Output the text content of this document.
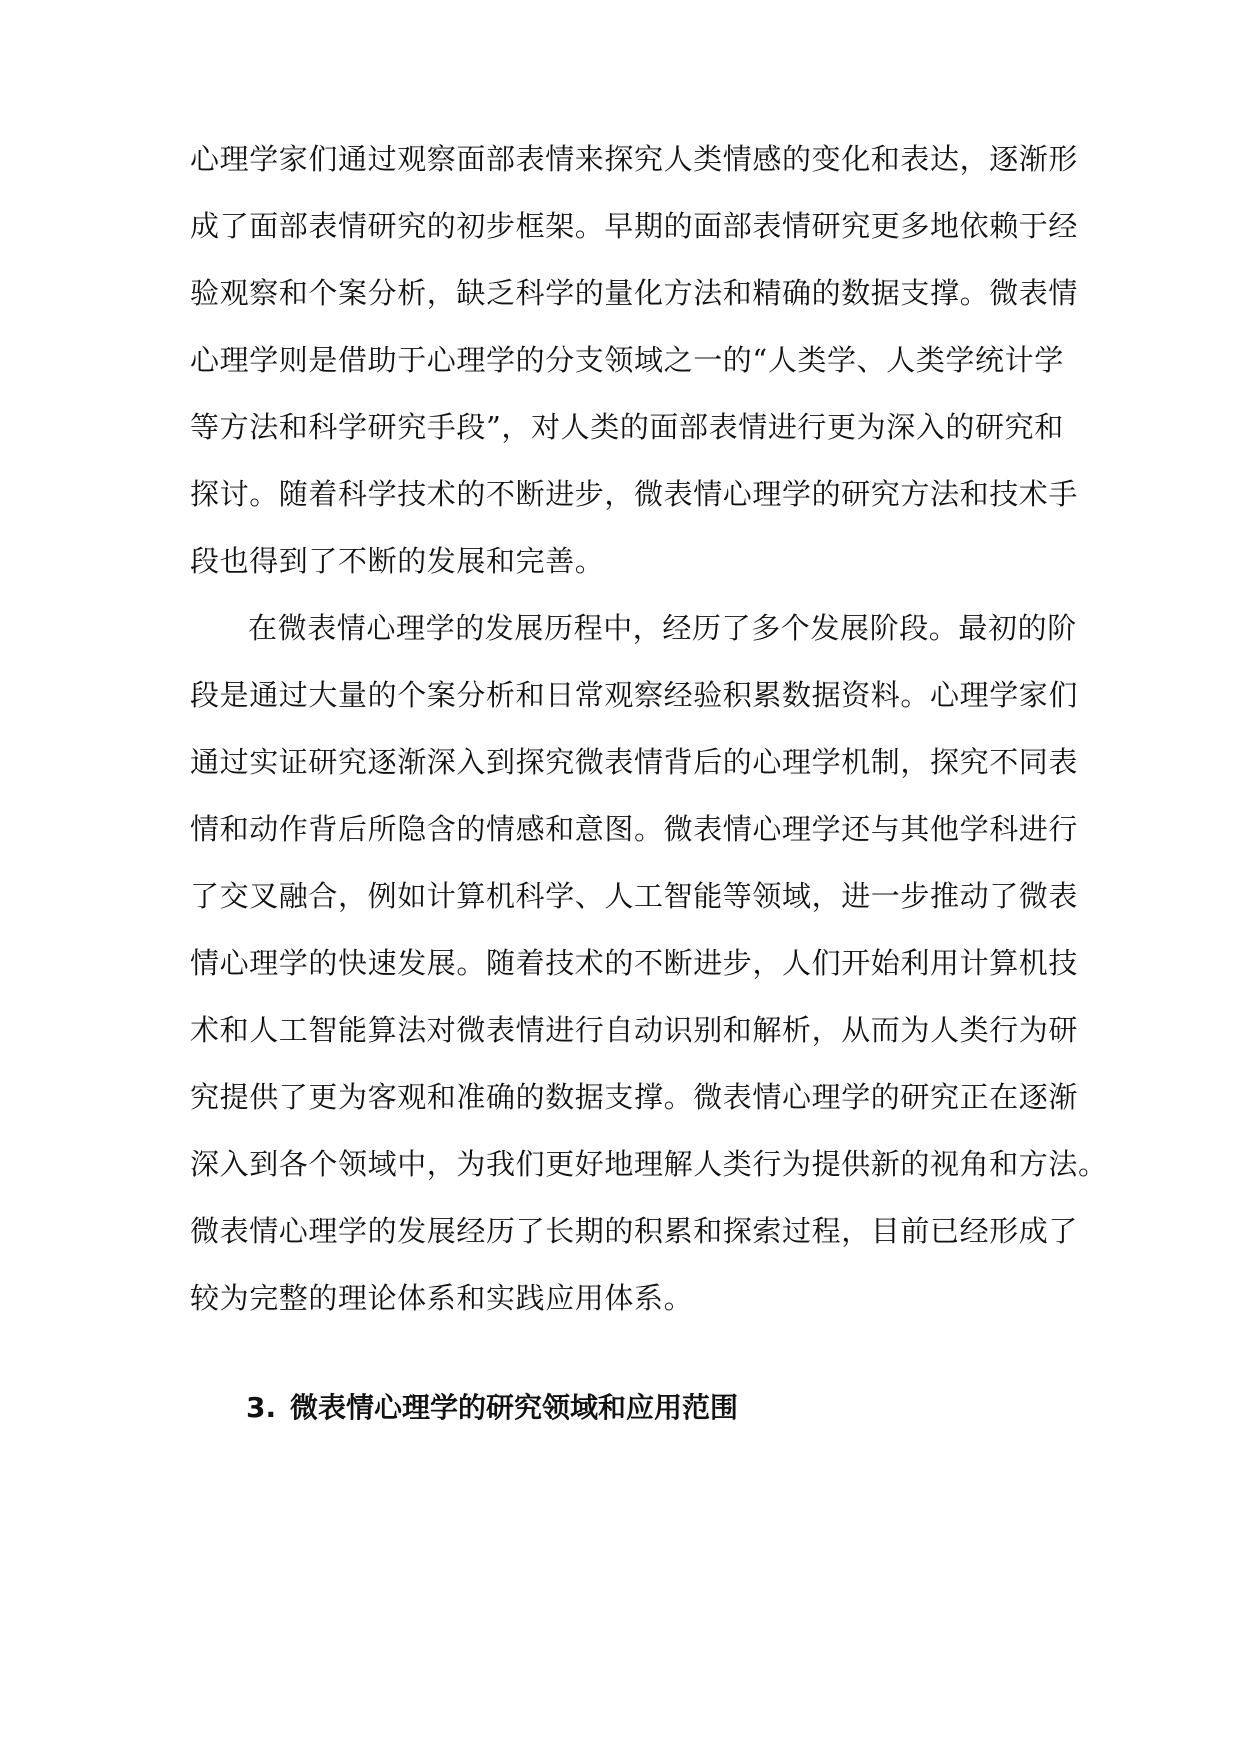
心理学家们通过观察面部表情来探究人类情感的变化和表达，逐渐形
成了面部表情研究的初步框架。早期的面部表情研究更多地依赖于经
验观察和个案分析，缺乏科学的量化方法和精确的数据支撑。微表情
心理学则是借助于心理学的分支领域之一的“人类学、人类学统计学
等方法和科学研究手段”，对人类的面部表情进行更为深入的研究和
探讨。随着科学技术的不断进步，微表情心理学的研究方法和技术手
段也得到了不断的发展和完善。
在微表情心理学的发展历程中，经历了多个发展阶段。最初的阶
段是通过大量的个案分析和日常观察经验积累数据资料。心理学家们
通过实证研究逐渐深入到探究微表情背后的心理学机制，探究不同表
情和动作背后所隐含的情感和意图。微表情心理学还与其他学科进行
了交叉融合，例如计算机科学、人工智能等领域，进一步推动了微表
情心理学的快速发展。随着技术的不断进步，人们开始利用计算机技
术和人工智能算法对微表情进行自动识别和解析，从而为人类行为研
究提供了更为客观和准确的数据支撑。微表情心理学的研究正在逐渐
深入到各个领域中，为我们更好地理解人类行为提供新的视角和方法。
微表情心理学的发展经历了长期的积累和探索过程，目前已经形成了
较为完整的理论体系和实践应用体系。
3. 微表情心理学的研究领域和应用范围
